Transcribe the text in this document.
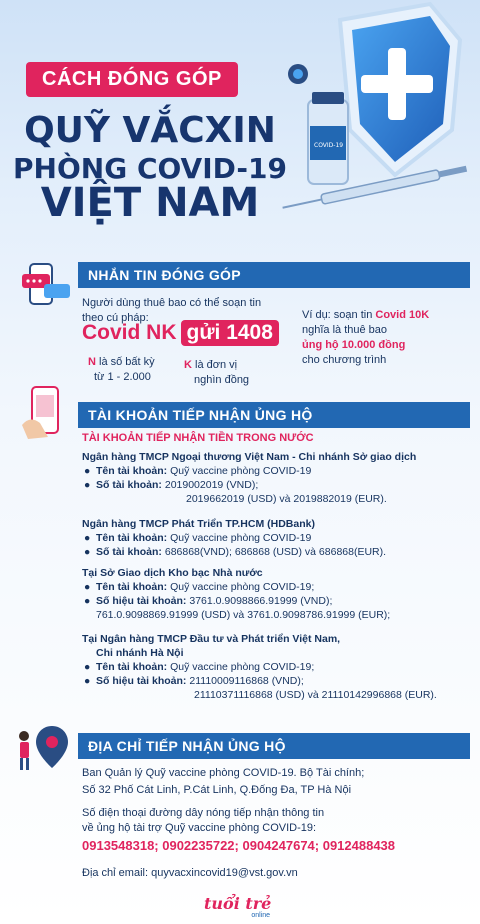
COVID-19
CÁCH ĐÓNG GÓP
QUỸ VẮCXIN
PHÒNG COVID-19
VIỆT NAM
NHẮN TIN ĐÓNG GÓP
Người dùng thuê bao có thể soạn tin theo cú pháp:
Covid NK gửi 1408
N là số bất kỳ
từ 1 - 2.000
K là đơn vị
nghìn đồng
Ví dụ: soạn tin Covid 10K
nghĩa là thuê bao
ủng hộ 10.000 đồng
cho chương trình
TÀI KHOẢN TIẾP NHẬN ỦNG HỘ
TÀI KHOẢN TIẾP NHẬN TIỀN TRONG NƯỚC
Ngân hàng TMCP Ngoại thương Việt Nam - Chi nhánh Sở giao dịch
● Tên tài khoản: Quỹ vaccine phòng COVID-19
● Số tài khoản: 2019002019 (VND);
2019662019 (USD) và 2019882019 (EUR).
Ngân hàng TMCP Phát Triển TP.HCM (HDBank)
● Tên tài khoản: Quỹ vaccine phòng COVID-19
● Số tài khoản: 686868(VND); 686868 (USD) và 686868(EUR).
Tại Sở Giao dịch Kho bạc Nhà nước
● Tên tài khoản: Quỹ vaccine phòng COVID-19;
● Số hiệu tài khoản: 3761.0.9098866.91999 (VND);
761.0.9098869.91999 (USD) và 3761.0.9098786.91999 (EUR);
Tại Ngân hàng TMCP Đầu tư và Phát triển Việt Nam,
Chi nhánh Hà Nội
● Tên tài khoản: Quỹ vaccine phòng COVID-19;
● Số hiệu tài khoản: 21110009116868 (VND);
21110371116868 (USD) và 21110142996868 (EUR).
ĐỊA CHỈ TIẾP NHẬN ỦNG HỘ
Ban Quản lý Quỹ vaccine phòng COVID-19. Bộ Tài chính;
Số 32 Phố Cát Linh, P.Cát Linh, Q.Đống Đa, TP Hà Nội
Số điện thoại đường dây nóng tiếp nhận thông tin
về ủng hộ tài trợ Quỹ vaccine phòng COVID-19:
0913548318; 0902235722; 0904247674; 0912488438
Địa chỉ email: quyvacxincovid19@vst.gov.vn
tuổi trẻ
online
